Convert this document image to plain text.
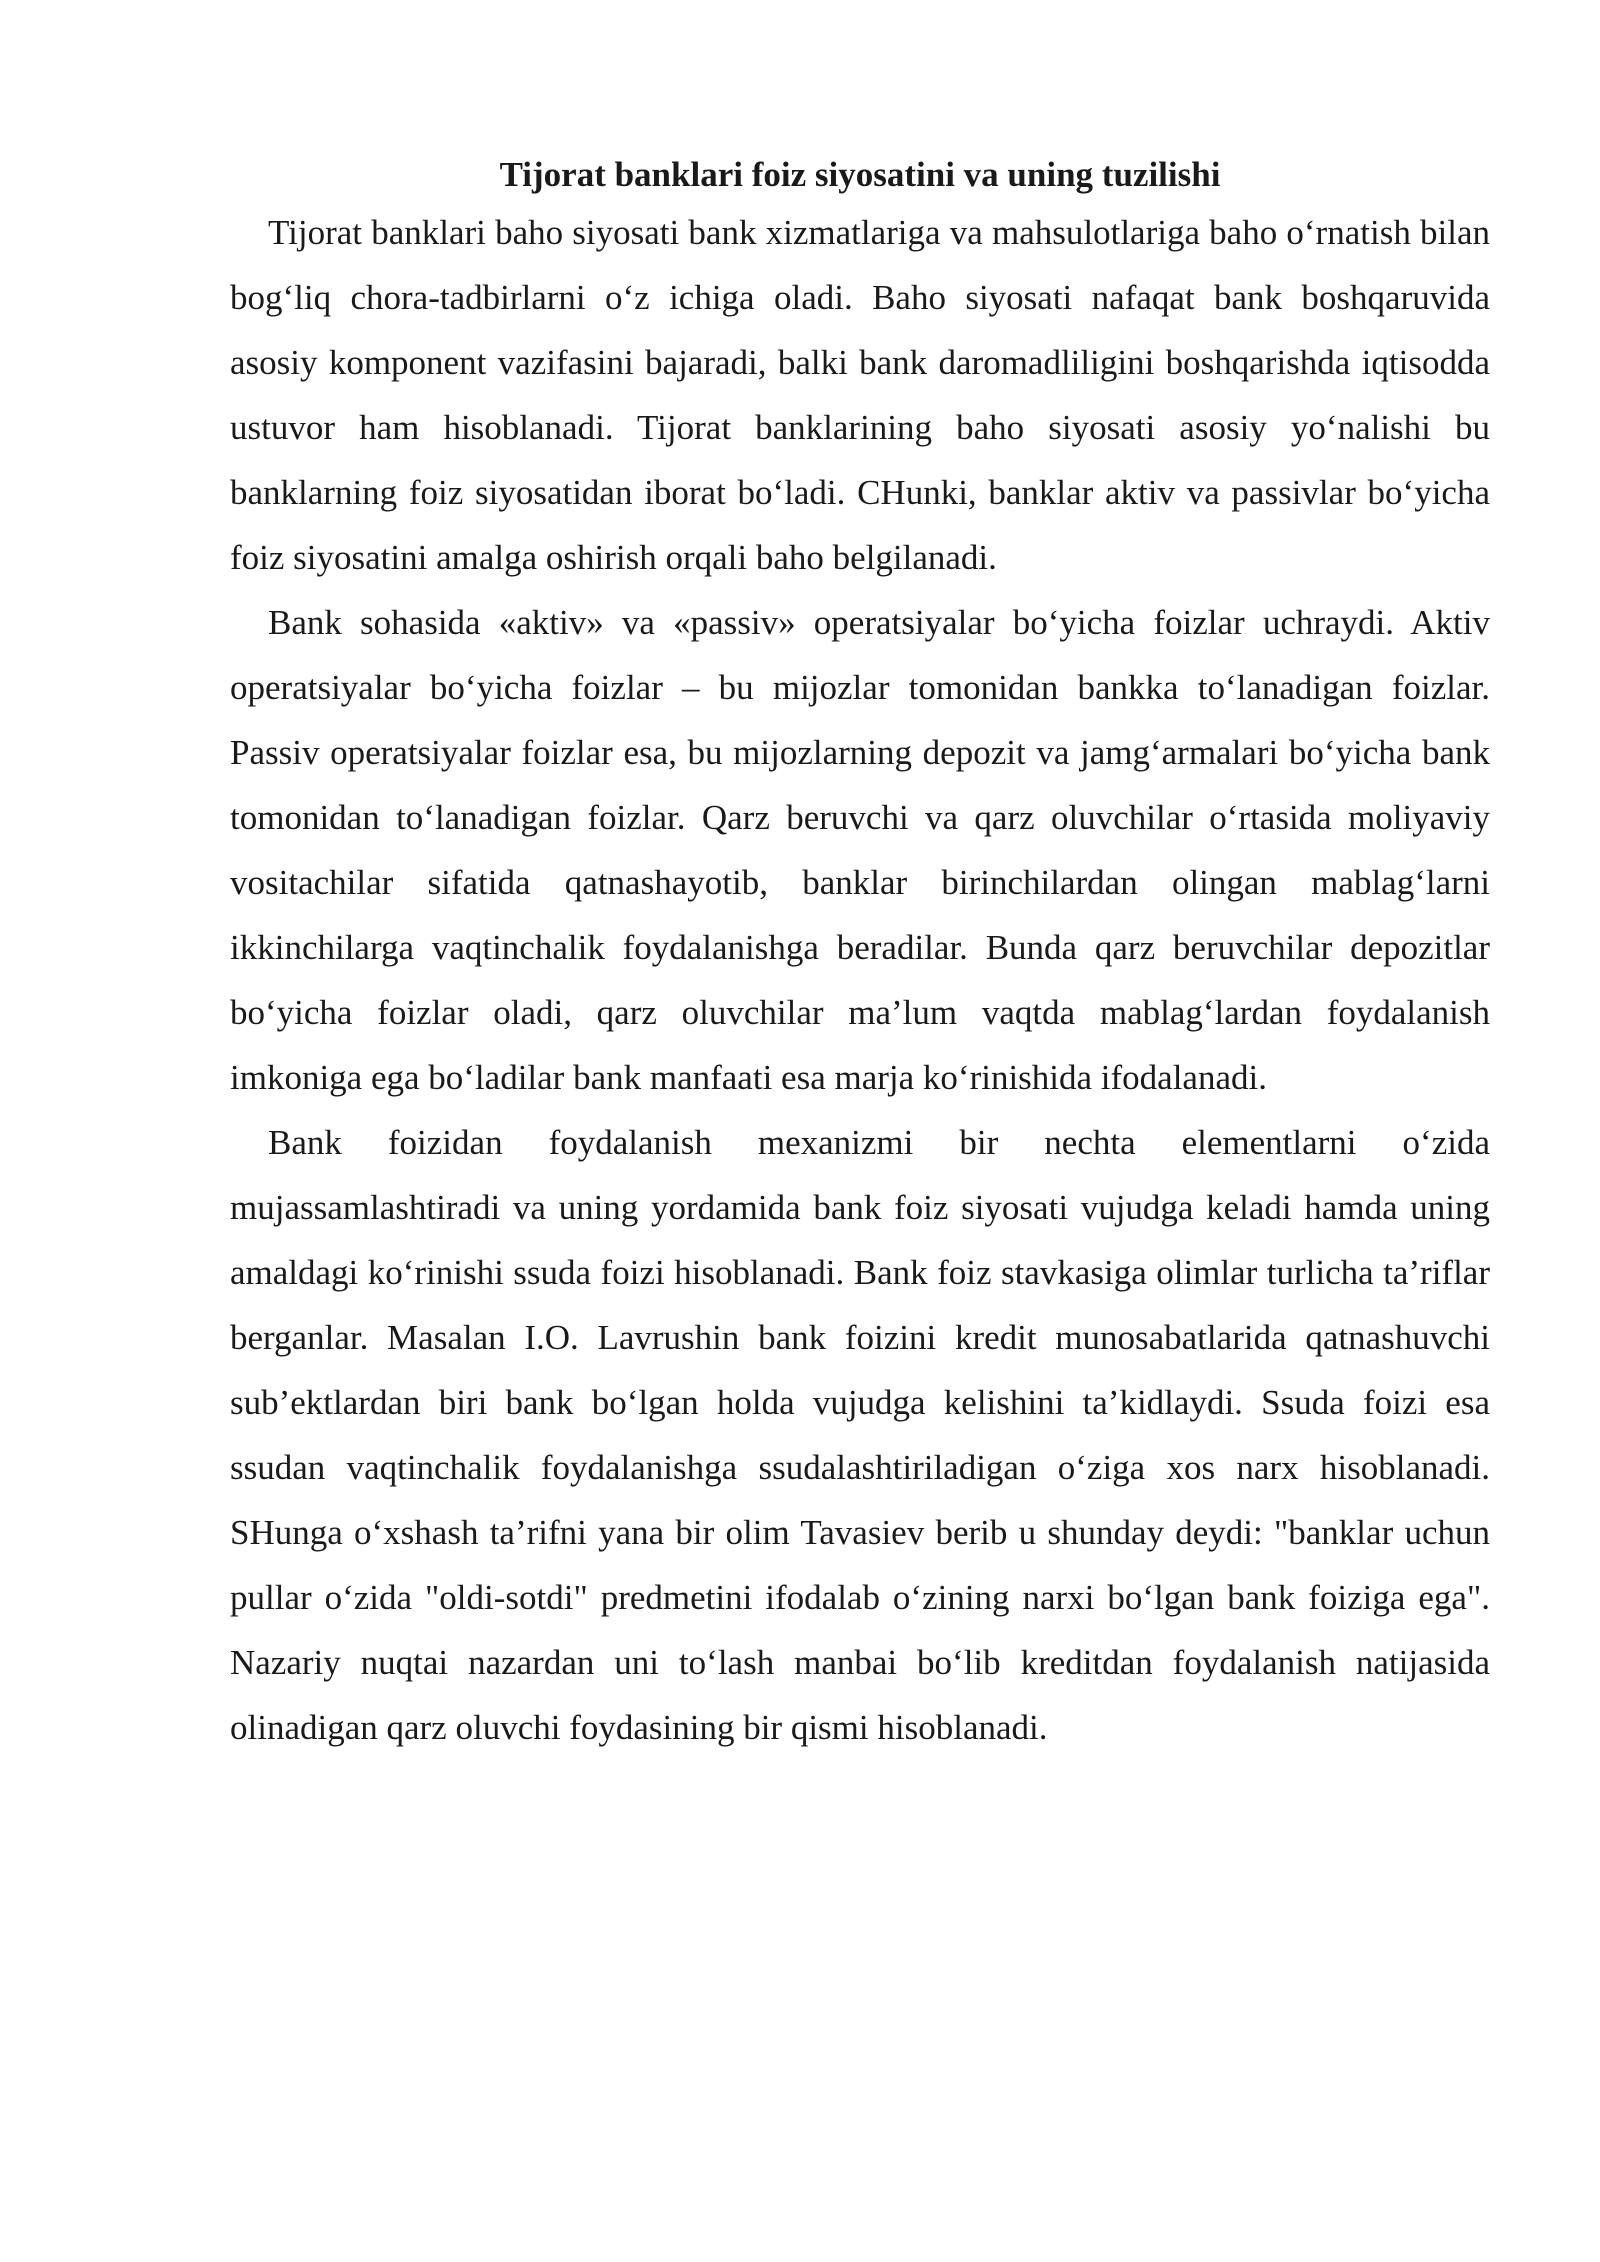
Tijorat banklari foiz siyosatini va uning tuzilishi

Tijorat banklari baho siyosati bank xizmatlariga va mahsulotlariga baho o‘rnatish bilan bog‘liq chora-tadbirlarni o‘z ichiga oladi. Baho siyosati nafaqat bank boshqaruvida asosiy komponent vazifasini bajaradi, balki bank daromadliligini boshqarishda iqtisodda ustuvor ham hisoblanadi. Tijorat banklarining baho siyosati asosiy yo‘nalishi bu banklarning foiz siyosatidan iborat bo‘ladi. CHunki, banklar aktiv va passivlar bo‘yicha foiz siyosatini amalga oshirish orqali baho belgilanadi.

Bank sohasida «aktiv» va «passiv» operatsiyalar bo‘yicha foizlar uchraydi. Aktiv operatsiyalar bo‘yicha foizlar – bu mijozlar tomonidan bankka to‘lanadigan foizlar. Passiv operatsiyalar foizlar esa, bu mijozlarning depozit va jamg‘armalari bo‘yicha bank tomonidan to‘lanadigan foizlar. Qarz beruvchi va qarz oluvchilar o‘rtasida moliyaviy vositachilar sifatida qatnashayotib, banklar birinchilardan olingan mablag‘larni ikkinchilarga vaqtinchalik foydalanishga beradilar. Bunda qarz beruvchilar depozitlar bo‘yicha foizlar oladi, qarz oluvchilar ma’lum vaqtda mablag‘lardan foydalanish imkoniga ega bo‘ladilar bank manfaati esa marja ko‘rinishida ifodalanadi.

Bank foizidan foydalanish mexanizmi bir nechta elementlarni o‘zida mujassamlashtiradi va uning yordamida bank foiz siyosati vujudga keladi hamda uning amaldagi ko‘rinishi ssuda foizi hisoblanadi. Bank foiz stavkasiga olimlar turlicha ta’riflar berganlar. Masalan I.O. Lavrushin bank foizini kredit munosabatlarida qatnashuvchi sub’ektlardan biri bank bo‘lgan holda vujudga kelishini ta’kidlaydi. Ssuda foizi esa ssudan vaqtinchalik foydalanishga ssudalashtiriladigan o‘ziga xos narx hisoblanadi. SHunga o‘xshash ta’rifni yana bir olim Tavasiev berib u shunday deydi: "banklar uchun pullar o‘zida "oldi-sotdi" predmetini ifodalab o‘zining narxi bo‘lgan bank foiziga ega". Nazariy nuqtai nazardan uni to‘lash manbai bo‘lib kreditdan foydalanish natijasida olinadigan qarz oluvchi foydasining bir qismi hisoblanadi.
